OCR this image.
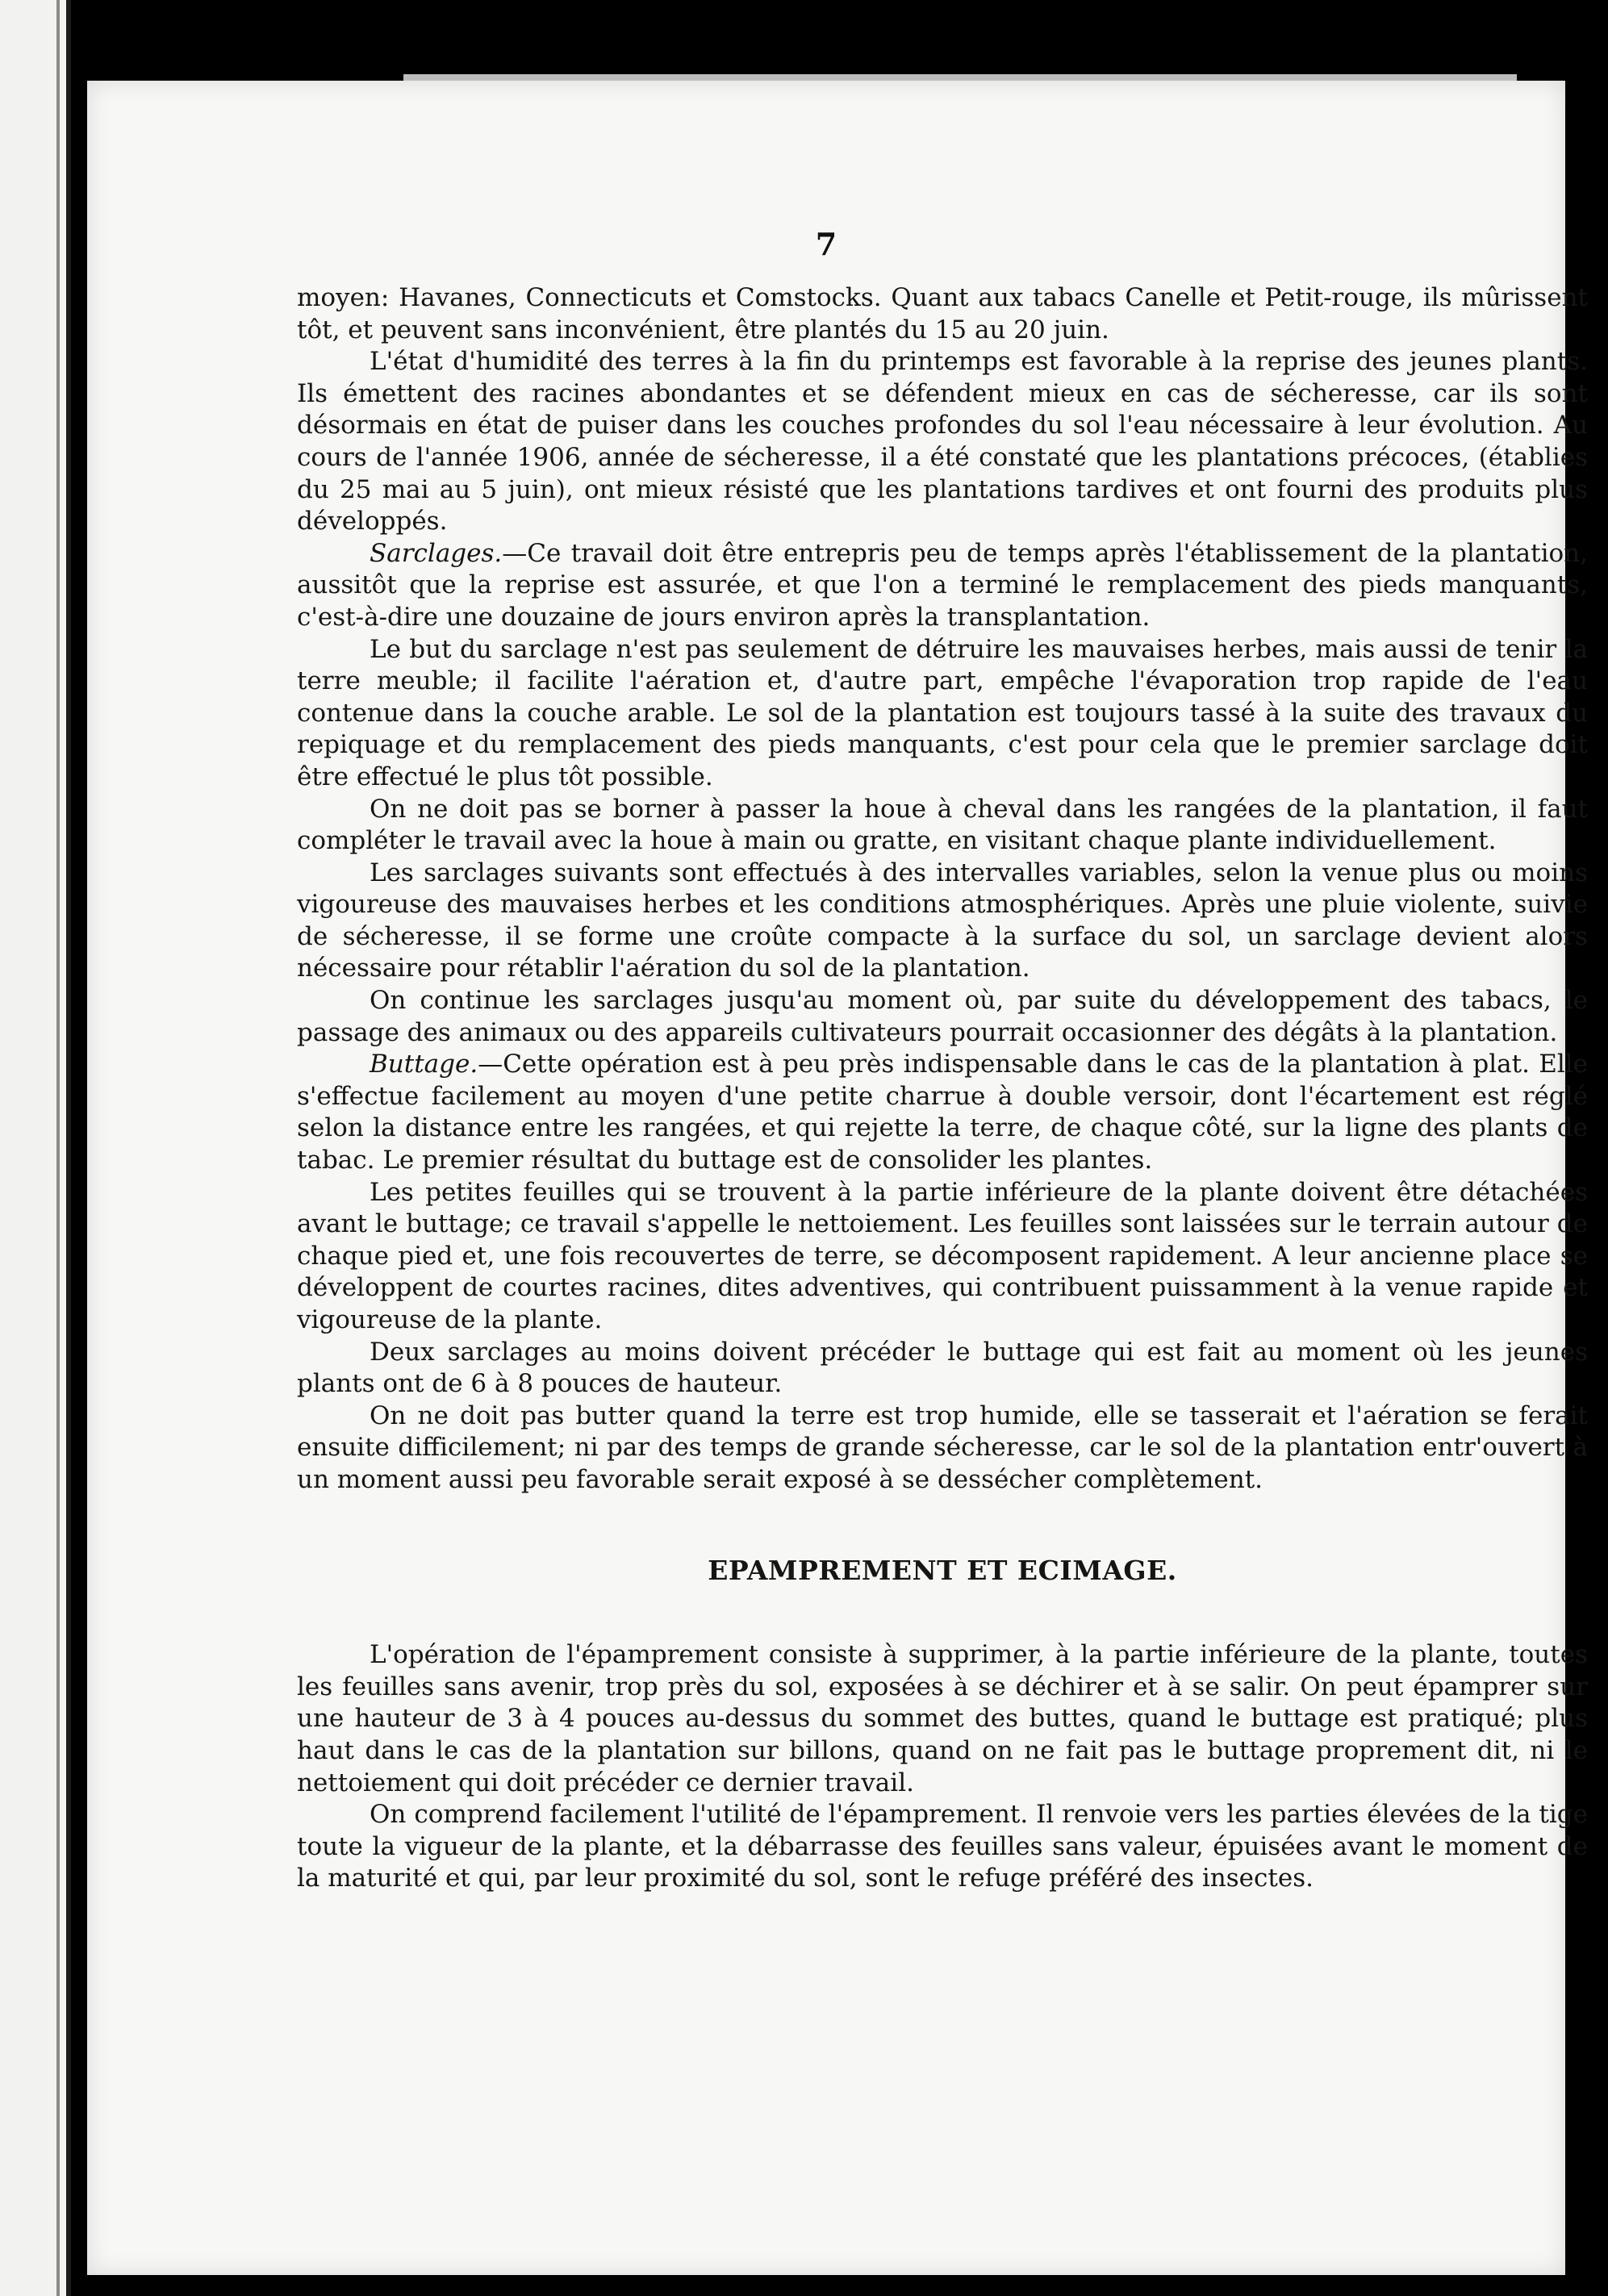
7

moyen: Havanes, Connecticuts et Comstocks. Quant aux tabacs Canelle et Petit-rouge, ils mûrissent tôt, et peuvent sans inconvénient, être plantés du 15 au 20 juin.

L'état d'humidité des terres à la fin du printemps est favorable à la reprise des jeunes plants. Ils émettent des racines abondantes et se défendent mieux en cas de sécheresse, car ils sont désormais en état de puiser dans les couches profondes du sol l'eau nécessaire à leur évolution. Au cours de l'année 1906, année de sécheresse, il a été constaté que les plantations précoces, (établies du 25 mai au 5 juin), ont mieux résisté que les plantations tardives et ont fourni des produits plus développés.

Sarclages.—Ce travail doit être entrepris peu de temps après l'établissement de la plantation, aussitôt que la reprise est assurée, et que l'on a terminé le remplacement des pieds manquants, c'est-à-dire une douzaine de jours environ après la transplantation.

Le but du sarclage n'est pas seulement de détruire les mauvaises herbes, mais aussi de tenir la terre meuble; il facilite l'aération et, d'autre part, empêche l'évaporation trop rapide de l'eau contenue dans la couche arable. Le sol de la plantation est toujours tassé à la suite des travaux du repiquage et du remplacement des pieds manquants, c'est pour cela que le premier sarclage doit être effectué le plus tôt possible.

On ne doit pas se borner à passer la houe à cheval dans les rangées de la plantation, il faut compléter le travail avec la houe à main ou gratte, en visitant chaque plante individuellement.

Les sarclages suivants sont effectués à des intervalles variables, selon la venue plus ou moins vigoureuse des mauvaises herbes et les conditions atmosphériques. Après une pluie violente, suivie de sécheresse, il se forme une croûte compacte à la surface du sol, un sarclage devient alors nécessaire pour rétablir l'aération du sol de la plantation.

On continue les sarclages jusqu'au moment où, par suite du développement des tabacs, le passage des animaux ou des appareils cultivateurs pourrait occasionner des dégâts à la plantation.

Buttage.—Cette opération est à peu près indispensable dans le cas de la plantation à plat. Elle s'effectue facilement au moyen d'une petite charrue à double versoir, dont l'écartement est réglé selon la distance entre les rangées, et qui rejette la terre, de chaque côté, sur la ligne des plants de tabac. Le premier résultat du buttage est de consolider les plantes.

Les petites feuilles qui se trouvent à la partie inférieure de la plante doivent être détachées avant le buttage; ce travail s'appelle le nettoiement. Les feuilles sont laissées sur le terrain autour de chaque pied et, une fois recouvertes de terre, se décomposent rapidement. A leur ancienne place se développent de courtes racines, dites adventives, qui contribuent puissamment à la venue rapide et vigoureuse de la plante.

Deux sarclages au moins doivent précéder le buttage qui est fait au moment où les jeunes plants ont de 6 à 8 pouces de hauteur.

On ne doit pas butter quand la terre est trop humide, elle se tasserait et l'aération se ferait ensuite difficilement; ni par des temps de grande sécheresse, car le sol de la plantation entr'ouvert à un moment aussi peu favorable serait exposé à se dessécher complètement.

EPAMPREMENT ET ECIMAGE.

L'opération de l'épamprement consiste à supprimer, à la partie inférieure de la plante, toutes les feuilles sans avenir, trop près du sol, exposées à se déchirer et à se salir. On peut épamprer sur une hauteur de 3 à 4 pouces au-dessus du sommet des buttes, quand le buttage est pratiqué; plus haut dans le cas de la plantation sur billons, quand on ne fait pas le buttage proprement dit, ni le nettoiement qui doit précéder ce dernier travail.

On comprend facilement l'utilité de l'épamprement. Il renvoie vers les parties élevées de la tige toute la vigueur de la plante, et la débarrasse des feuilles sans valeur, épuisées avant le moment de la maturité et qui, par leur proximité du sol, sont le refuge préféré des insectes.
